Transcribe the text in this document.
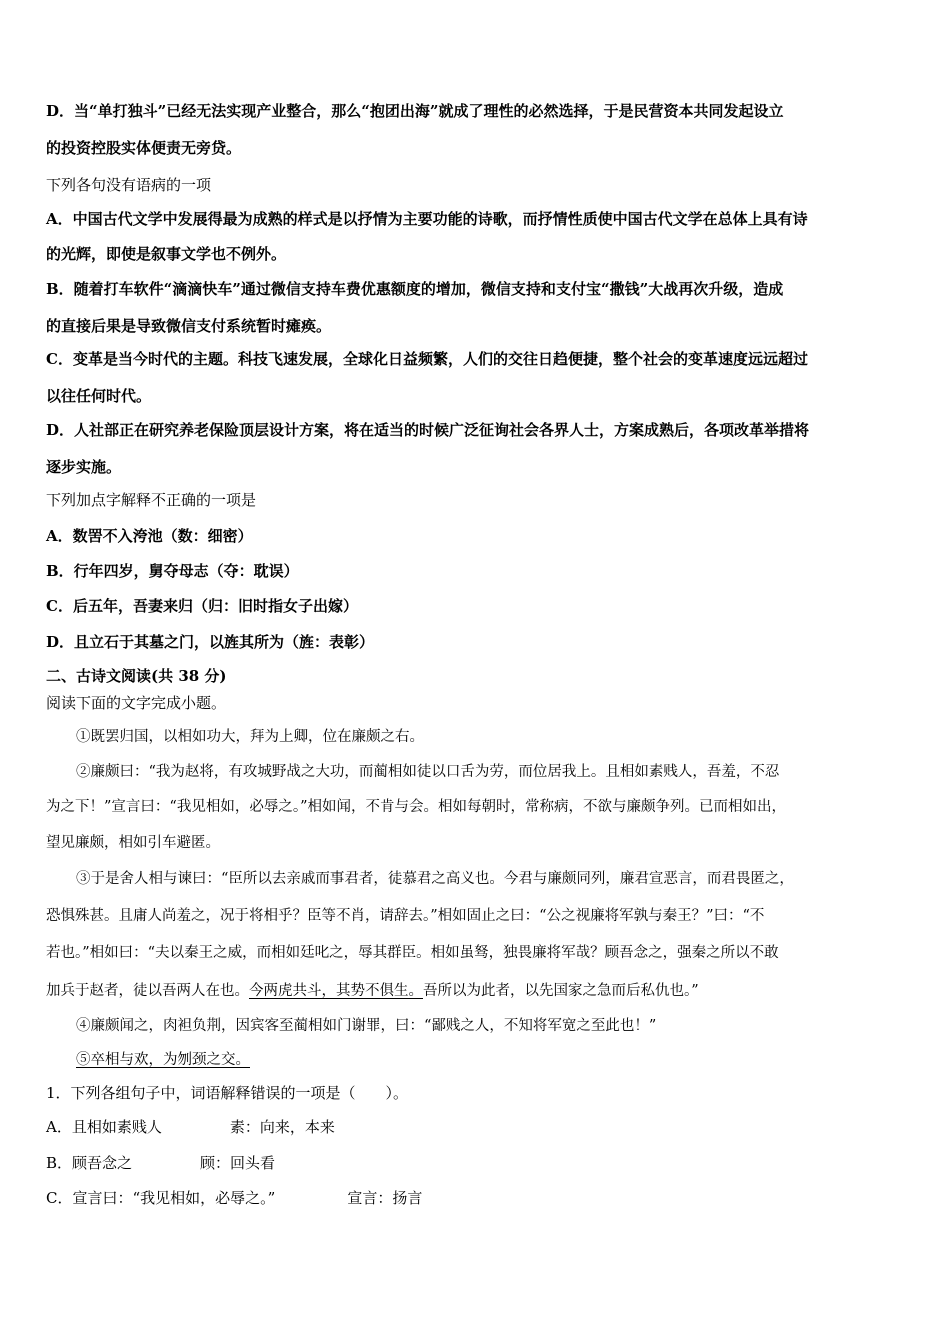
D．当“单打独斗”已经无法实现产业整合，那么“抱团出海”就成了理性的必然选择，于是民营资本共同发起设立
的投资控股实体便责无旁贷。
下列各句没有语病的一项
A．中国古代文学中发展得最为成熟的样式是以抒情为主要功能的诗歌，而抒情性质使中国古代文学在总体上具有诗
的光辉，即使是叙事文学也不例外。
B．随着打车软件“滴滴快车”通过微信支持车费优惠额度的增加，微信支持和支付宝“撒钱”大战再次升级，造成
的直接后果是导致微信支付系统暂时瘫痪。
C．变革是当今时代的主题。科技飞速发展，全球化日益频繁，人们的交往日趋便捷，整个社会的变革速度远远超过
以往任何时代。
D．人社部正在研究养老保险顶层设计方案，将在适当的时候广泛征询社会各界人士，方案成熟后，各项改革举措将
逐步实施。
下列加点字解释不正确的一项是
A．数罟不入洿池（数：细密）
B．行年四岁，舅夺母志（夺：耽误）
C．后五年，吾妻来归（归：旧时指女子出嫁）
D．且立石于其墓之门，以旌其所为（旌：表彰）
二、古诗文阅读(共 38 分)
阅读下面的文字完成小题。
①既罢归国，以相如功大，拜为上卿，位在廉颇之右。
②廉颇曰：“我为赵将，有攻城野战之大功，而蔺相如徒以口舌为劳，而位居我上。且相如素贱人，吾羞，不忍
为之下！”宣言曰：“我见相如，必辱之。”相如闻，不肯与会。相如每朝时，常称病，不欲与廉颇争列。已而相如出，
望见廉颇，相如引车避匿。
③于是舍人相与谏曰：“臣所以去亲戚而事君者，徒慕君之高义也。今君与廉颇同列，廉君宣恶言，而君畏匿之，
恐惧殊甚。且庸人尚羞之，况于将相乎？臣等不肖，请辞去。”相如固止之曰：“公之视廉将军孰与秦王？”曰：“不
若也。”相如曰：“夫以秦王之威，而相如廷叱之，辱其群臣。相如虽驽，独畏廉将军哉？顾吾念之，强秦之所以不敢
加兵于赵者，徒以吾两人在也。今两虎共斗，其势不俱生。吾所以为此者，以先国家之急而后私仇也。”
④廉颇闻之，肉袒负荆，因宾客至蔺相如门谢罪，曰：“鄙贱之人，不知将军宽之至此也！”
⑤卒相与欢，为刎颈之交。
1．下列各组句子中，词语解释错误的一项是（　　）。
A．且相如素贱人	素：向来，本来
B．顾吾念之	顾：回头看
C．宣言曰：“我见相如，必辱之。”	宣言：扬言
